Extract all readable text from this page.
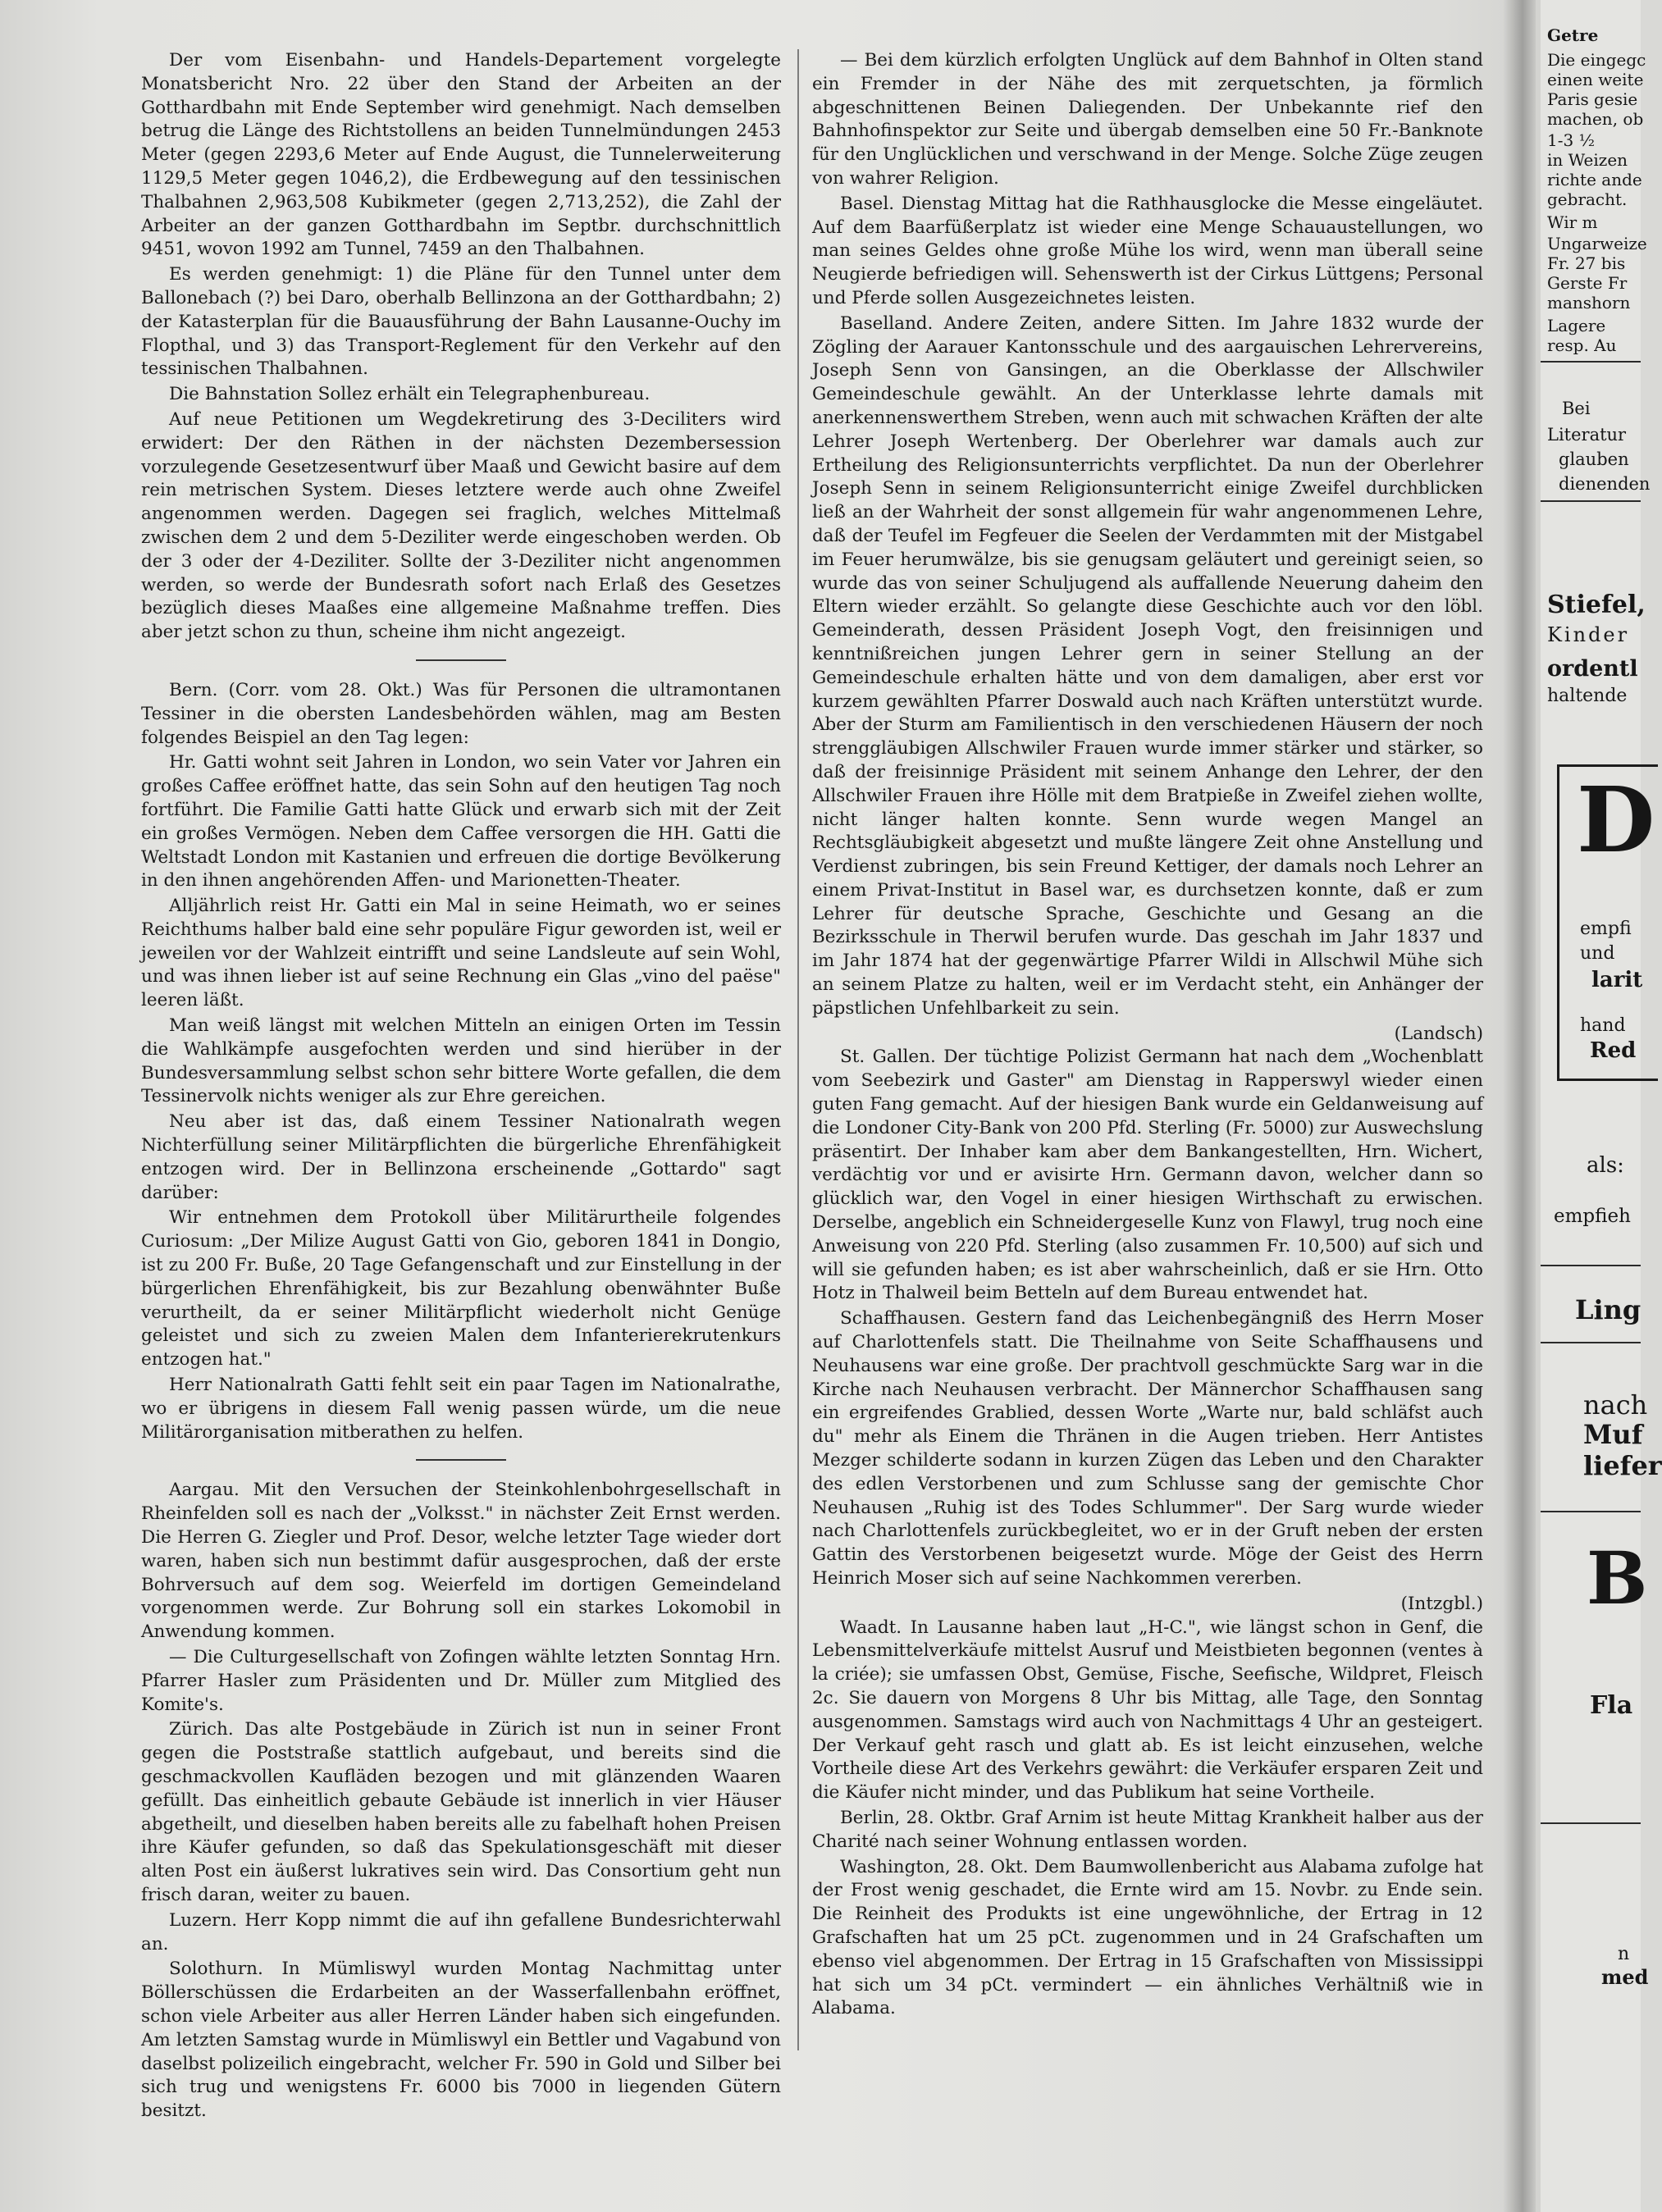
Der vom Eisenbahn- und Handels-Departement vorgelegte Monatsbericht Nro. 22 über den Stand der Arbeiten an der Gotthardbahn mit Ende September wird genehmigt. Nach demselben betrug die Länge des Richtstollens an beiden Tunnelmündungen 2453 Meter (gegen 2293,6 Meter auf Ende August, die Tunnelerweiterung 1129,5 Meter gegen 1046,2), die Erdbewegung auf den tessinischen Thalbahnen 2,963,508 Kubikmeter (gegen 2,713,252), die Zahl der Arbeiter an der ganzen Gotthardbahn im Septbr. durchschnittlich 9451, wovon 1992 am Tunnel, 7459 an den Thalbahnen.

Es werden genehmigt: 1) die Pläne für den Tunnel unter dem Ballonebach (?) bei Daro, oberhalb Bellinzona an der Gotthardbahn; 2) der Katasterplan für die Bauausführung der Bahn Lausanne-Ouchy im Flopthal, und 3) das Transport-Reglement für den Verkehr auf den tessinischen Thalbahnen.

Die Bahnstation Sollez erhält ein Telegraphenbureau.

Auf neue Petitionen um Wegdekretirung des 3-Deciliters wird erwidert: Der den Räthen in der nächsten Dezembersession vorzulegende Gesetzesentwurf über Maaß und Gewicht basire auf dem rein metrischen System. Dieses letztere werde auch ohne Zweifel angenommen werden. Dagegen sei fraglich, welches Mittelmaß zwischen dem 2 und dem 5-Deziliter werde eingeschoben werden. Ob der 3 oder der 4-Deziliter. Sollte der 3-Deziliter nicht angenommen werden, so werde der Bundesrath sofort nach Erlaß des Gesetzes bezüglich dieses Maaßes eine allgemeine Maßnahme treffen. Dies aber jetzt schon zu thun, scheine ihm nicht angezeigt.

Bern. (Corr. vom 28. Okt.) Was für Personen die ultramontanen Tessiner in die obersten Landesbehörden wählen, mag am Besten folgendes Beispiel an den Tag legen:

Hr. Gatti wohnt seit Jahren in London, wo sein Vater vor Jahren ein großes Caffee eröffnet hatte, das sein Sohn auf den heutigen Tag noch fortführt. Die Familie Gatti hatte Glück und erwarb sich mit der Zeit ein großes Vermögen. Neben dem Caffee versorgen die HH. Gatti die Weltstadt London mit Kastanien und erfreuen die dortige Bevölkerung in den ihnen angehörenden Affen- und Marionetten-Theater.

Alljährlich reist Hr. Gatti ein Mal in seine Heimath, wo er seines Reichthums halber bald eine sehr populäre Figur geworden ist, weil er jeweilen vor der Wahlzeit eintrifft und seine Landsleute auf sein Wohl, und was ihnen lieber ist auf seine Rechnung ein Glas „vino del paëse" leeren läßt.

Man weiß längst mit welchen Mitteln an einigen Orten im Tessin die Wahlkämpfe ausgefochten werden und sind hierüber in der Bundesversammlung selbst schon sehr bittere Worte gefallen, die dem Tessinervolk nichts weniger als zur Ehre gereichen.

Neu aber ist das, daß einem Tessiner Nationalrath wegen Nichterfüllung seiner Militärpflichten die bürgerliche Ehrenfähigkeit entzogen wird. Der in Bellinzona erscheinende „Gottardo" sagt darüber:

Wir entnehmen dem Protokoll über Militärurtheile folgendes Curiosum: „Der Milize August Gatti von Gio, geboren 1841 in Dongio, ist zu 200 Fr. Buße, 20 Tage Gefangenschaft und zur Einstellung in der bürgerlichen Ehrenfähigkeit, bis zur Bezahlung obenwähnter Buße verurtheilt, da er seiner Militärpflicht wiederholt nicht Genüge geleistet und sich zu zweien Malen dem Infanterierekrutenkurs entzogen hat."

Herr Nationalrath Gatti fehlt seit ein paar Tagen im Nationalrathe, wo er übrigens in diesem Fall wenig passen würde, um die neue Militärorganisation mitberathen zu helfen.

Aargau. Mit den Versuchen der Steinkohlenbohrgesellschaft in Rheinfelden soll es nach der „Volksst." in nächster Zeit Ernst werden. Die Herren G. Ziegler und Prof. Desor, welche letzter Tage wieder dort waren, haben sich nun bestimmt dafür ausgesprochen, daß der erste Bohrversuch auf dem sog. Weierfeld im dortigen Gemeindeland vorgenommen werde. Zur Bohrung soll ein starkes Lokomobil in Anwendung kommen.

— Die Culturgesellschaft von Zofingen wählte letzten Sonntag Hrn. Pfarrer Hasler zum Präsidenten und Dr. Müller zum Mitglied des Komite's.

Zürich. Das alte Postgebäude in Zürich ist nun in seiner Front gegen die Poststraße stattlich aufgebaut, und bereits sind die geschmackvollen Kaufläden bezogen und mit glänzenden Waaren gefüllt. Das einheitlich gebaute Gebäude ist innerlich in vier Häuser abgetheilt, und dieselben haben bereits alle zu fabelhaft hohen Preisen ihre Käufer gefunden, so daß das Spekulationsgeschäft mit dieser alten Post ein äußerst lukratives sein wird. Das Consortium geht nun frisch daran, weiter zu bauen.

Luzern. Herr Kopp nimmt die auf ihn gefallene Bundesrichterwahl an.

Solothurn. In Mümliswyl wurden Montag Nachmittag unter Böllerschüssen die Erdarbeiten an der Wasserfallenbahn eröffnet, schon viele Arbeiter aus aller Herren Länder haben sich eingefunden. Am letzten Samstag wurde in Mümliswyl ein Bettler und Vagabund von daselbst polizeilich eingebracht, welcher Fr. 590 in Gold und Silber bei sich trug und wenigstens Fr. 6000 bis 7000 in liegenden Gütern besitzt.

— Bei dem kürzlich erfolgten Unglück auf dem Bahnhof in Olten stand ein Fremder in der Nähe des mit zerquetschten, ja förmlich abgeschnittenen Beinen Daliegenden. Der Unbekannte rief den Bahnhofinspektor zur Seite und übergab demselben eine 50 Fr.-Banknote für den Unglücklichen und verschwand in der Menge. Solche Züge zeugen von wahrer Religion.

Basel. Dienstag Mittag hat die Rathhausglocke die Messe eingeläutet. Auf dem Baarfüßerplatz ist wieder eine Menge Schauaustellungen, wo man seines Geldes ohne große Mühe los wird, wenn man überall seine Neugierde befriedigen will. Sehenswerth ist der Cirkus Lüttgens; Personal und Pferde sollen Ausgezeichnetes leisten.

Baselland. Andere Zeiten, andere Sitten. Im Jahre 1832 wurde der Zögling der Aarauer Kantonsschule und des aargauischen Lehrervereins, Joseph Senn von Gansingen, an die Oberklasse der Allschwiler Gemeindeschule gewählt. An der Unterklasse lehrte damals mit anerkennenswerthem Streben, wenn auch mit schwachen Kräften der alte Lehrer Joseph Wertenberg. Der Oberlehrer war damals auch zur Ertheilung des Religionsunterrichts verpflichtet. Da nun der Oberlehrer Joseph Senn in seinem Religionsunterricht einige Zweifel durchblicken ließ an der Wahrheit der sonst allgemein für wahr angenommenen Lehre, daß der Teufel im Fegfeuer die Seelen der Verdammten mit der Mistgabel im Feuer herumwälze, bis sie genugsam geläutert und gereinigt seien, so wurde das von seiner Schuljugend als auffallende Neuerung daheim den Eltern wieder erzählt. So gelangte diese Geschichte auch vor den löbl. Gemeinderath, dessen Präsident Joseph Vogt, den freisinnigen und kenntnißreichen jungen Lehrer gern in seiner Stellung an der Gemeindeschule erhalten hätte und von dem damaligen, aber erst vor kurzem gewählten Pfarrer Doswald auch nach Kräften unterstützt wurde. Aber der Sturm am Familientisch in den verschiedenen Häusern der noch strenggläubigen Allschwiler Frauen wurde immer stärker und stärker, so daß der freisinnige Präsident mit seinem Anhange den Lehrer, der den Allschwiler Frauen ihre Hölle mit dem Bratpieße in Zweifel ziehen wollte, nicht länger halten konnte. Senn wurde wegen Mangel an Rechtsgläubigkeit abgesetzt und mußte längere Zeit ohne Anstellung und Verdienst zubringen, bis sein Freund Kettiger, der damals noch Lehrer an einem Privat-Institut in Basel war, es durchsetzen konnte, daß er zum Lehrer für deutsche Sprache, Geschichte und Gesang an die Bezirksschule in Therwil berufen wurde. Das geschah im Jahr 1837 und im Jahr 1874 hat der gegenwärtige Pfarrer Wildi in Allschwil Mühe sich an seinem Platze zu halten, weil er im Verdacht steht, ein Anhänger der päpstlichen Unfehlbarkeit zu sein.

(Landsch)

St. Gallen. Der tüchtige Polizist Germann hat nach dem „Wochenblatt vom Seebezirk und Gaster" am Dienstag in Rapperswyl wieder einen guten Fang gemacht. Auf der hiesigen Bank wurde ein Geldanweisung auf die Londoner City-Bank von 200 Pfd. Sterling (Fr. 5000) zur Auswechslung präsentirt. Der Inhaber kam aber dem Bankangestellten, Hrn. Wichert, verdächtig vor und er avisirte Hrn. Germann davon, welcher dann so glücklich war, den Vogel in einer hiesigen Wirthschaft zu erwischen. Derselbe, angeblich ein Schneidergeselle Kunz von Flawyl, trug noch eine Anweisung von 220 Pfd. Sterling (also zusammen Fr. 10,500) auf sich und will sie gefunden haben; es ist aber wahrscheinlich, daß er sie Hrn. Otto Hotz in Thalweil beim Betteln auf dem Bureau entwendet hat.

Schaffhausen. Gestern fand das Leichenbegängniß des Herrn Moser auf Charlottenfels statt. Die Theilnahme von Seite Schaffhausens und Neuhausens war eine große. Der prachtvoll geschmückte Sarg war in die Kirche nach Neuhausen verbracht. Der Männerchor Schaffhausen sang ein ergreifendes Grablied, dessen Worte „Warte nur, bald schläfst auch du" mehr als Einem die Thränen in die Augen trieben. Herr Antistes Mezger schilderte sodann in kurzen Zügen das Leben und den Charakter des edlen Verstorbenen und zum Schlusse sang der gemischte Chor Neuhausen „Ruhig ist des Todes Schlummer". Der Sarg wurde wieder nach Charlottenfels zurückbegleitet, wo er in der Gruft neben der ersten Gattin des Verstorbenen beigesetzt wurde. Möge der Geist des Herrn Heinrich Moser sich auf seine Nachkommen vererben.

(Intzgbl.)

Waadt. In Lausanne haben laut „H-C.", wie längst schon in Genf, die Lebensmittelverkäufe mittelst Ausruf und Meistbieten begonnen (ventes à la criée); sie umfassen Obst, Gemüse, Fische, Seefische, Wildpret, Fleisch 2c. Sie dauern von Morgens 8 Uhr bis Mittag, alle Tage, den Sonntag ausgenommen. Samstags wird auch von Nachmittags 4 Uhr an gesteigert. Der Verkauf geht rasch und glatt ab. Es ist leicht einzusehen, welche Vortheile diese Art des Verkehrs gewährt: die Verkäufer ersparen Zeit und die Käufer nicht minder, und das Publikum hat seine Vortheile.

Berlin, 28. Oktbr. Graf Arnim ist heute Mittag Krankheit halber aus der Charité nach seiner Wohnung entlassen worden.

Washington, 28. Okt. Dem Baumwollenbericht aus Alabama zufolge hat der Frost wenig geschadet, die Ernte wird am 15. Novbr. zu Ende sein. Die Reinheit des Produkts ist eine ungewöhnliche, der Ertrag in 12 Grafschaften hat um 25 pCt. zugenommen und in 24 Grafschaften um ebenso viel abgenommen. Der Ertrag in 15 Grafschaften von Mississippi hat sich um 34 pCt. vermindert — ein ähnliches Verhältniß wie in Alabama.

Getre
Die eingegc
einen weite
Paris gesie
machen, ob
1-3 ½
in Weizen
richte ande
gebracht.
Wir m
Ungarweize
Fr. 27 bis
Gerste Fr
manshorn
Lagere
resp. Au
Bei
Literatur
glauben
dienenden
Stiefel,
Kinder
ordentl
haltende
D
empfi
und
larit
hand
Red
als:
empfieh
Ling
nach
Muf
liefer
B
Fla
n
med
